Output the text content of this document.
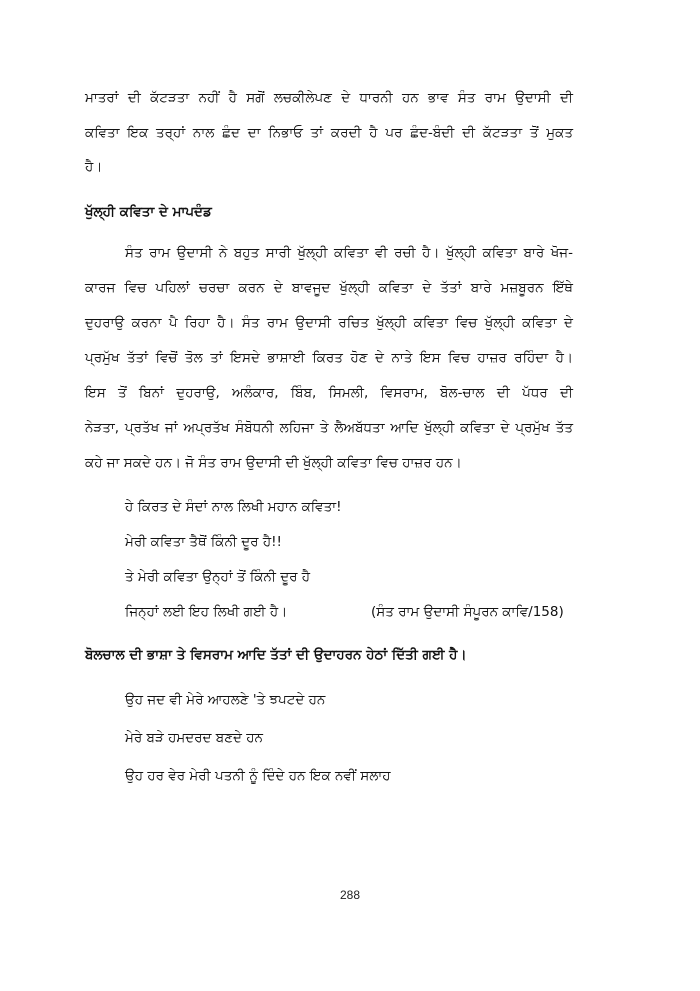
ਮਾਤਰਾਂ ਦੀ ਕੱਟੜਤਾ ਨਹੀਂ ਹੈ ਸਗੋਂ ਲਚਕੀਲੇਪਣ ਦੇ ਧਾਰਨੀ ਹਨ ਭਾਵ ਸੰਤ ਰਾਮ ਉਦਾਸੀ ਦੀ
ਕਵਿਤਾ ਇਕ ਤਰ੍ਹਾਂ ਨਾਲ ਛੰਦ ਦਾ ਨਿਭਾਓ ਤਾਂ ਕਰਦੀ ਹੈ ਪਰ ਛੰਦ-ਬੰਦੀ ਦੀ ਕੱਟੜਤਾ ਤੋਂ ਮੁਕਤ
ਹੈ।
ਖੁੱਲ੍ਹੀ ਕਵਿਤਾ ਦੇ ਮਾਪਦੰਡ
ਸੰਤ ਰਾਮ ਉਦਾਸੀ ਨੇ ਬਹੁਤ ਸਾਰੀ ਖੁੱਲ੍ਹੀ ਕਵਿਤਾ ਵੀ ਰਚੀ ਹੈ। ਖੁੱਲ੍ਹੀ ਕਵਿਤਾ ਬਾਰੇ ਖੋਜ-
ਕਾਰਜ ਵਿਚ ਪਹਿਲਾਂ ਚਰਚਾ ਕਰਨ ਦੇ ਬਾਵਜੂਦ ਖੁੱਲ੍ਹੀ ਕਵਿਤਾ ਦੇ ਤੱਤਾਂ ਬਾਰੇ ਮਜ਼ਬੂਰਨ ਇੱਥੇ
ਦੁਹਰਾਉ ਕਰਨਾ ਪੈ ਰਿਹਾ ਹੈ। ਸੰਤ ਰਾਮ ਉਦਾਸੀ ਰਚਿਤ ਖੁੱਲ੍ਹੀ ਕਵਿਤਾ ਵਿਚ ਖੁੱਲ੍ਹੀ ਕਵਿਤਾ ਦੇ
ਪ੍ਰਮੁੱਖ ਤੱਤਾਂ ਵਿਚੋਂ ਤੋਲ ਤਾਂ ਇਸਦੇ ਭਾਸ਼ਾਈ ਕਿਰਤ ਹੋਣ ਦੇ ਨਾਤੇ ਇਸ ਵਿਚ ਹਾਜ਼ਰ ਰਹਿੰਦਾ ਹੈ।
ਇਸ ਤੋਂ ਬਿਨਾਂ ਦੁਹਰਾਉ, ਅਲੰਕਾਰ, ਬਿੰਬ, ਸਿਮਲੀ, ਵਿਸਰਾਮ, ਬੋਲ-ਚਾਲ ਦੀ ਪੱਧਰ ਦੀ
ਨੇੜਤਾ, ਪ੍ਰਤੱਖ ਜਾਂ ਅਪ੍ਰਤੱਖ ਸੰਬੋਧਨੀ ਲਹਿਜਾ ਤੇ ਲੈਅਬੱਧਤਾ ਆਦਿ ਖੁੱਲ੍ਹੀ ਕਵਿਤਾ ਦੇ ਪ੍ਰਮੁੱਖ ਤੱਤ
ਕਹੇ ਜਾ ਸਕਦੇ ਹਨ। ਜੋ ਸੰਤ ਰਾਮ ਉਦਾਸੀ ਦੀ ਖੁੱਲ੍ਹੀ ਕਵਿਤਾ ਵਿਚ ਹਾਜ਼ਰ ਹਨ।
ਹੇ ਕਿਰਤ ਦੇ ਸੰਦਾਂ ਨਾਲ ਲਿਖੀ ਮਹਾਨ ਕਵਿਤਾ!
ਮੇਰੀ ਕਵਿਤਾ ਤੈਥੋਂ ਕਿੰਨੀ ਦੂਰ ਹੈ!!
ਤੇ ਮੇਰੀ ਕਵਿਤਾ ਉਨ੍ਹਾਂ ਤੋਂ ਕਿੰਨੀ ਦੂਰ ਹੈ
ਜਿਨ੍ਹਾਂ ਲਈ ਇਹ ਲਿਖੀ ਗਈ ਹੈ।	(ਸੰਤ ਰਾਮ ਉਦਾਸੀ ਸੰਪੂਰਨ ਕਾਵਿ/158)
ਬੋਲਚਾਲ ਦੀ ਭਾਸ਼ਾ ਤੇ ਵਿਸਰਾਮ ਆਦਿ ਤੱਤਾਂ ਦੀ ਉਦਾਹਰਨ ਹੇਠਾਂ ਦਿੱਤੀ ਗਈ ਹੈ।
ਉਹ ਜਦ ਵੀ ਮੇਰੇ ਆਹਲਣੇ 'ਤੇ ਝਪਟਦੇ ਹਨ
ਮੇਰੇ ਬੜੇ ਹਮਦਰਦ ਬਣਦੇ ਹਨ
ਉਹ ਹਰ ਵੇਰ ਮੇਰੀ ਪਤਨੀ ਨੂੰ ਦਿੰਦੇ ਹਨ ਇਕ ਨਵੀਂ ਸਲਾਹ
288
